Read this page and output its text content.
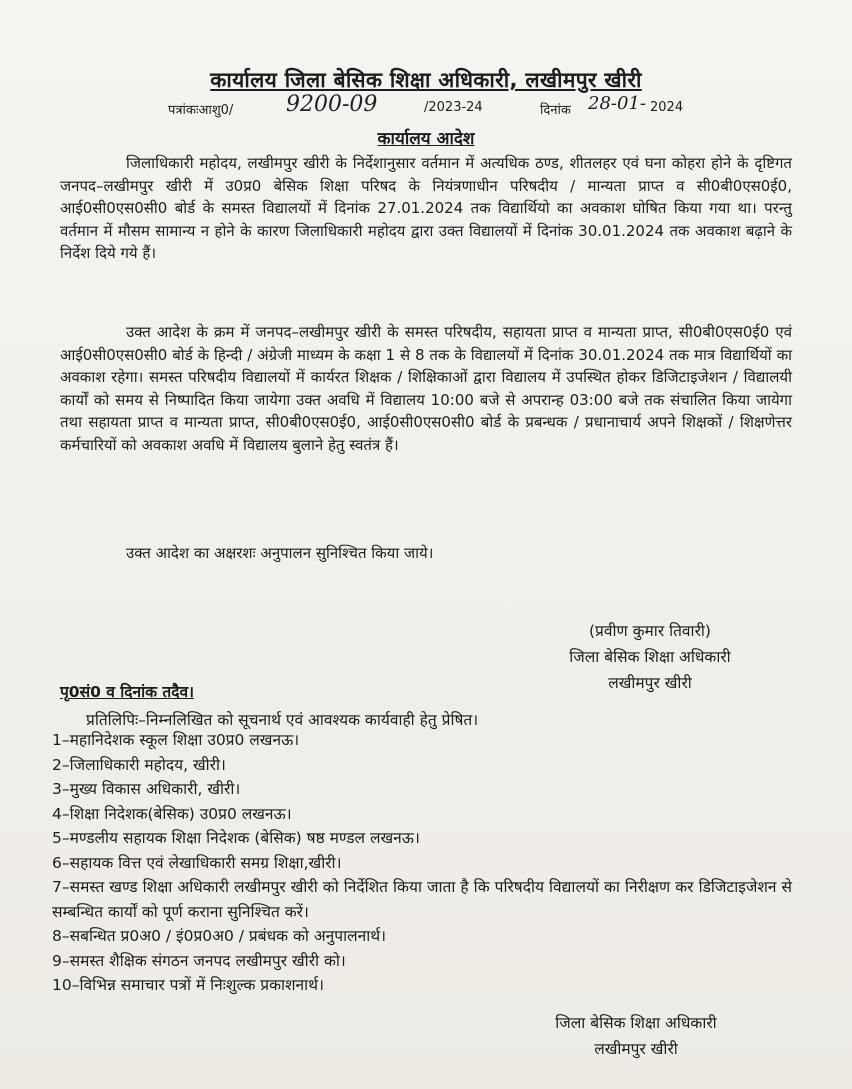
कार्यालय जिला बेसिक शिक्षा अधिकारी, लखीमपुर खीरी
पत्रांकःआशु0/ 9200-09	/2023-24	दिनांक 28-01- 2024
कार्यालय आदेश
जिलाधिकारी महोदय, लखीमपुर खीरी के निर्देशानुसार वर्तमान में अत्यधिक ठण्ड, शीतलहर एवं घना कोहरा होने के दृष्टिगत जनपद–लखीमपुर खीरी में उ0प्र0 बेसिक शिक्षा परिषद के नियंत्रणाधीन परिषदीय / मान्यता प्राप्त व सी0बी0एस0ई0, आई0सी0एस0सी0 बोर्ड के समस्त विद्यालयों में दिनांक 27.01.2024 तक विद्यार्थियो का अवकाश घोषित किया गया था। परन्तु वर्तमान में मौसम सामान्य न होने के कारण जिलाधिकारी महोदय द्वारा उक्त विद्यालयों में दिनांक 30.01.2024 तक अवकाश बढ़ाने के निर्देश दिये गये हैं।
उक्त आदेश के क्रम में जनपद–लखीमपुर खीरी के समस्त परिषदीय, सहायता प्राप्त व मान्यता प्राप्त, सी0बी0एस0ई0 एवं आई0सी0एस0सी0 बोर्ड के हिन्दी / अंग्रेजी माध्यम के कक्षा 1 से 8 तक के विद्यालयों में दिनांक 30.01.2024 तक मात्र विद्यार्थियों का अवकाश रहेगा। समस्त परिषदीय विद्यालयों में कार्यरत शिक्षक / शिक्षिकाओं द्वारा विद्यालय में उपस्थित होकर डिजिटाइजेशन / विद्यालयी कार्यों को समय से निष्पादित किया जायेगा उक्त अवधि में विद्यालय 10:00 बजे से अपरान्ह 03:00 बजे तक संचालित किया जायेगा तथा सहायता प्राप्त व मान्यता प्राप्त, सी0बी0एस0ई0, आई0सी0एस0सी0 बोर्ड के प्रबन्धक / प्रधानाचार्य अपने शिक्षकों / शिक्षणेत्तर कर्मचारियों को अवकाश अवधि में विद्यालय बुलाने हेतु स्वतंत्र हैं।
उक्त आदेश का अक्षरशः अनुपालन सुनिश्चित किया जाये।
(प्रवीण कुमार तिवारी)
जिला बेसिक शिक्षा अधिकारी
लखीमपुर खीरी
पृ0सं0 व दिनांक तदैव।
प्रतिलिपिः–निम्नलिखित को सूचनार्थ एवं आवश्यक कार्यवाही हेतु प्रेषित।
1–महानिदेशक स्कूल शिक्षा उ0प्र0 लखनऊ।
2–जिलाधिकारी महोदय, खीरी।
3–मुख्य विकास अधिकारी, खीरी।
4–शिक्षा निदेशक(बेसिक) उ0प्र0 लखनऊ।
5–मण्डलीय सहायक शिक्षा निदेशक (बेसिक) षष्ठ मण्डल लखनऊ।
6–सहायक वित्त एवं लेखाधिकारी समग्र शिक्षा,खीरी।
7–समस्त खण्ड शिक्षा अधिकारी लखीमपुर खीरी को निर्देशित किया जाता है कि परिषदीय विद्यालयों का निरीक्षण कर डिजिटाइजेशन से सम्बन्धित कार्यों को पूर्ण कराना सुनिश्चित करें।
8–सबन्धित प्र0अ0 / इं0प्र0अ0 / प्रबंधक को अनुपालनार्थ।
9–समस्त शैक्षिक संगठन जनपद लखीमपुर खीरी को।
10–विभिन्न समाचार पत्रों में निःशुल्क प्रकाशनार्थ।
जिला बेसिक शिक्षा अधिकारी
लखीमपुर खीरी
